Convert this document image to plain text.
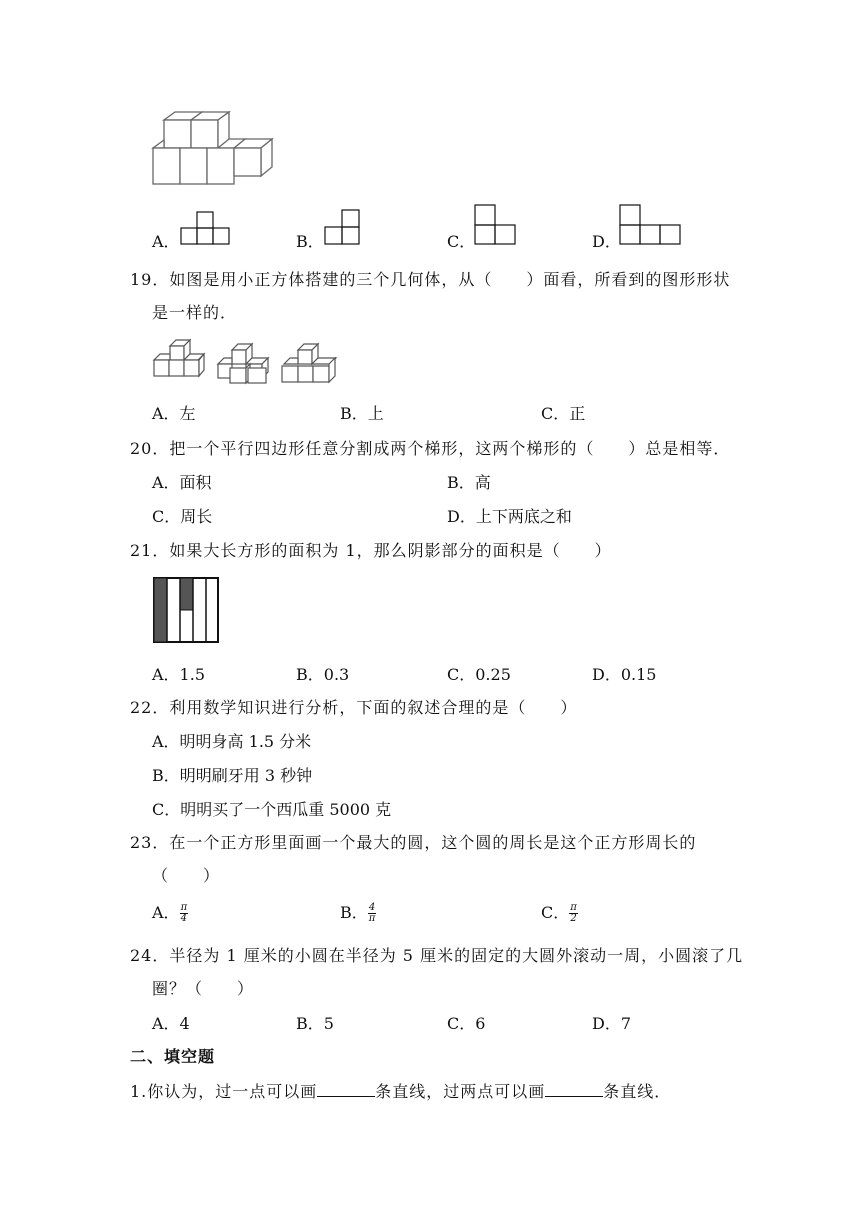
A．	B．	C．	D．
19．如图是用小正方体搭建的三个几何体，从（　　）面看，所看到的图形形状
是一样的．
A．左	B．上	C．正
20．把一个平行四边形任意分割成两个梯形，这两个梯形的（　　）总是相等．
A．面积	B．高
C．周长	D．上下两底之和
21．如果大长方形的面积为 1，那么阴影部分的面积是（　　）
A．1.5	B．0.3	C．0.25	D．0.15
22．利用数学知识进行分析，下面的叙述合理的是（　　）
A．明明身高 1.5 分米
B．明明刷牙用 3 秒钟
C．明明买了一个西瓜重 5000 克
23．在一个正方形里面画一个最大的圆，这个圆的周长是这个正方形周长的
（　　）
A． $\frac{\pi}{4}$	B． $\frac{4}{\pi}$	C． $\frac{\pi}{2}$
24．半径为 1 厘米的小圆在半径为 5 厘米的固定的大圆外滚动一周，小圆滚了几
圈？（　　）
A．4	B．5	C．6	D．7
二、填空题
1.你认为，过一点可以画	条直线，过两点可以画	条直线．
